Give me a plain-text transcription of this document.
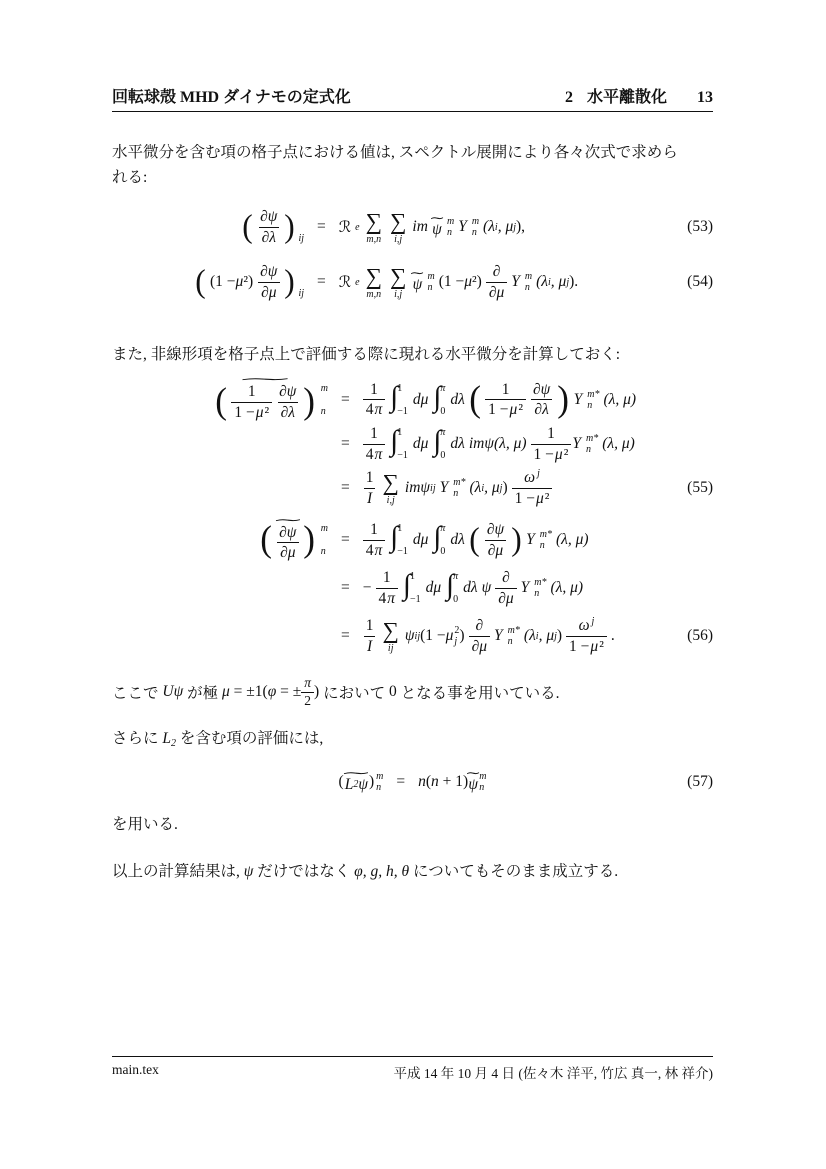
回転球殻 MHD ダイナモの定式化	2 水平離散化 13
水平微分を含む項の格子点における値は, スペクトル展開により各々次式で求めら
れる:
( $\frac{\partial\psi}{\partial\lambda}$ ) ij
= ℛ e ∑
m,n
∑
i,j
im
∼
ψ m
n Y m
n (λ i , μ j ),	(53)
( (1 − μ $^2) \frac{\partial\psi}{\partial\mu}$ ) ij
= ℛ e ∑
m,n
∑
i,j
∼
ψ m
n (1 − μ ²)
∂
∂μ
Y m
n (λ i , μ j ).	(54)
また, 非線形項を格子点上で評価する際に現れる水平微分を計算しておく:
∼
( $\frac{1}{\text{1 − μ ²}} \frac{\partial\psi}{\partial\lambda}$ ) m
n
= $\frac{1}{4 \pi}$ ∫ 1
−1
dμ ∫ π
0
dλ ( $\frac{1}{\text{1 − μ ²}} \frac{\partial\psi}{\partial\lambda}$ ) Y m*
n (λ, μ)
= $\frac{1}{4 \pi}$ ∫ 1
−1
dμ ∫ π
0
dλ imψ(λ, $\mu) \frac{1}{\text{1 − μ ²}}$ Y m*
n (λ, μ)
= $\frac{1}{I}$ ∑
i,j
imψ ij Y m*
n (λ i , μ j ) $\frac{\text{ω j}}{\text{1 − μ ²}}$	(55)
( ∼
∂ψ
∂μ ) m
n
= $\frac{1}{4 \pi}$ ∫ 1
−1
dμ ∫ π
0
dλ ( $\frac{\partial\psi}{\partial\mu}$ ) Y m*
n (λ, μ)
= − $\frac{1}{4 \pi}$ ∫ 1
−1
dμ ∫ π
0
dλ ψ
∂
∂μ
Y m*
n (λ, μ)
= $\frac{1}{I}$ ∑
ij
ψ ij (1 − μ 2
j )
∂
∂μ
Y m*
n (λ i , μ j ) $\frac{\text{ω j}}{\text{1 − μ ²}}$ .	(56)
ここで Uψ が極 μ = ±1( φ = ± $\frac{\pi}{2}$ ) において 0 となる事を用いている.
さらに L2 を含む項の評価には,
(
∼
L 2 ψ ) m
n = n ( n + 1)
∼
ψ m
n	(57)
を用いる.
以上の計算結果は, ψ だけではなく φ, g, h, θ についてもそのまま成立する.
main.tex	平成 14 年 10 月 4 日 (佐々木 洋平, 竹広 真一, 林 祥介)
